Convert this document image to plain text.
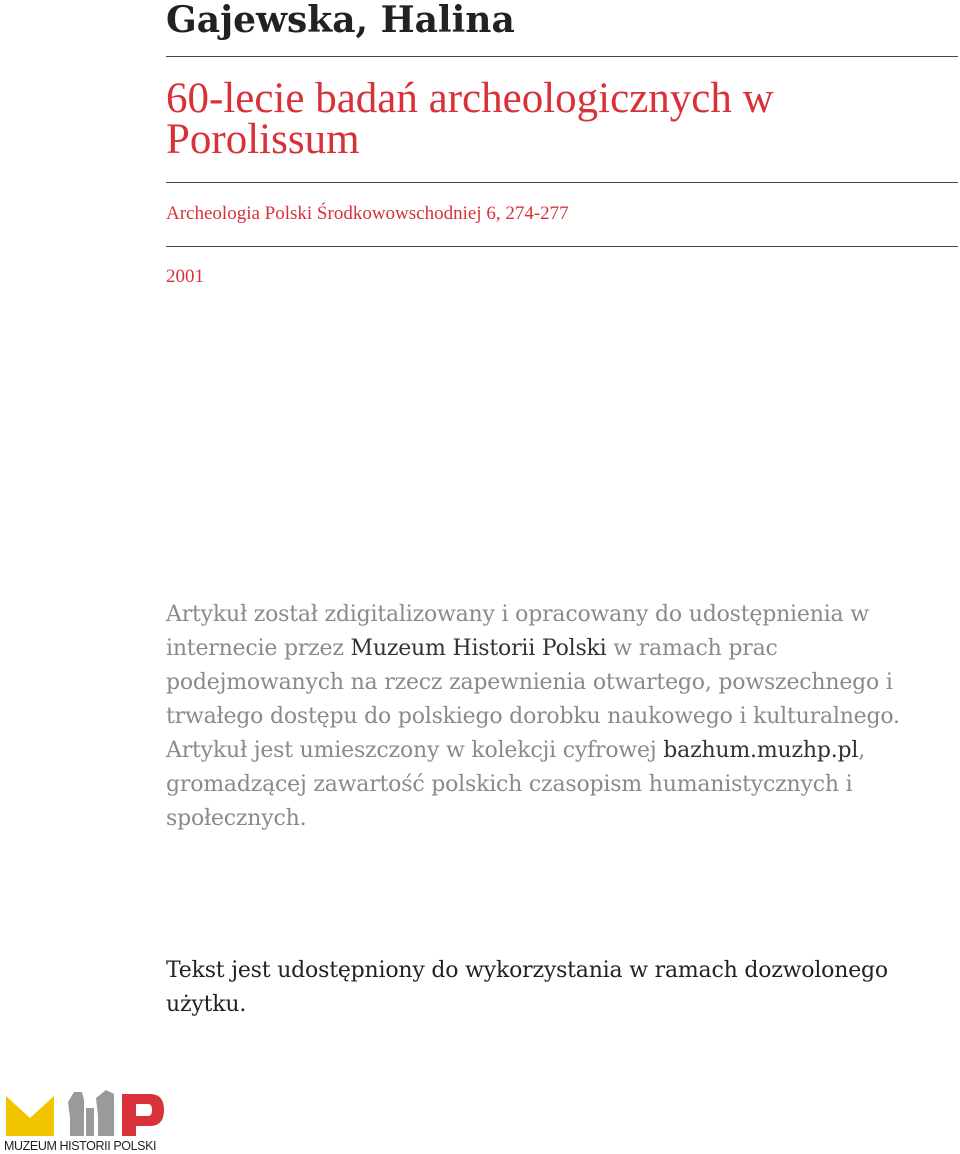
Gajewska, Halina
60-lecie badań archeologicznych w Porolissum
Archeologia Polski Środkowowschodniej 6, 274-277
2001

Artykuł został zdigitalizowany i opracowany do udostępnienia w internecie przez Muzeum Historii Polski w ramach prac podejmowanych na rzecz zapewnienia otwartego, powszechnego i trwałego dostępu do polskiego dorobku naukowego i kulturalnego. Artykuł jest umieszczony w kolekcji cyfrowej bazhum.muzhp.pl, gromadzącej zawartość polskich czasopism humanistycznych i społecznych.

Tekst jest udostępniony do wykorzystania w ramach dozwolonego użytku.

MUZEUM HISTORII POLSKI
